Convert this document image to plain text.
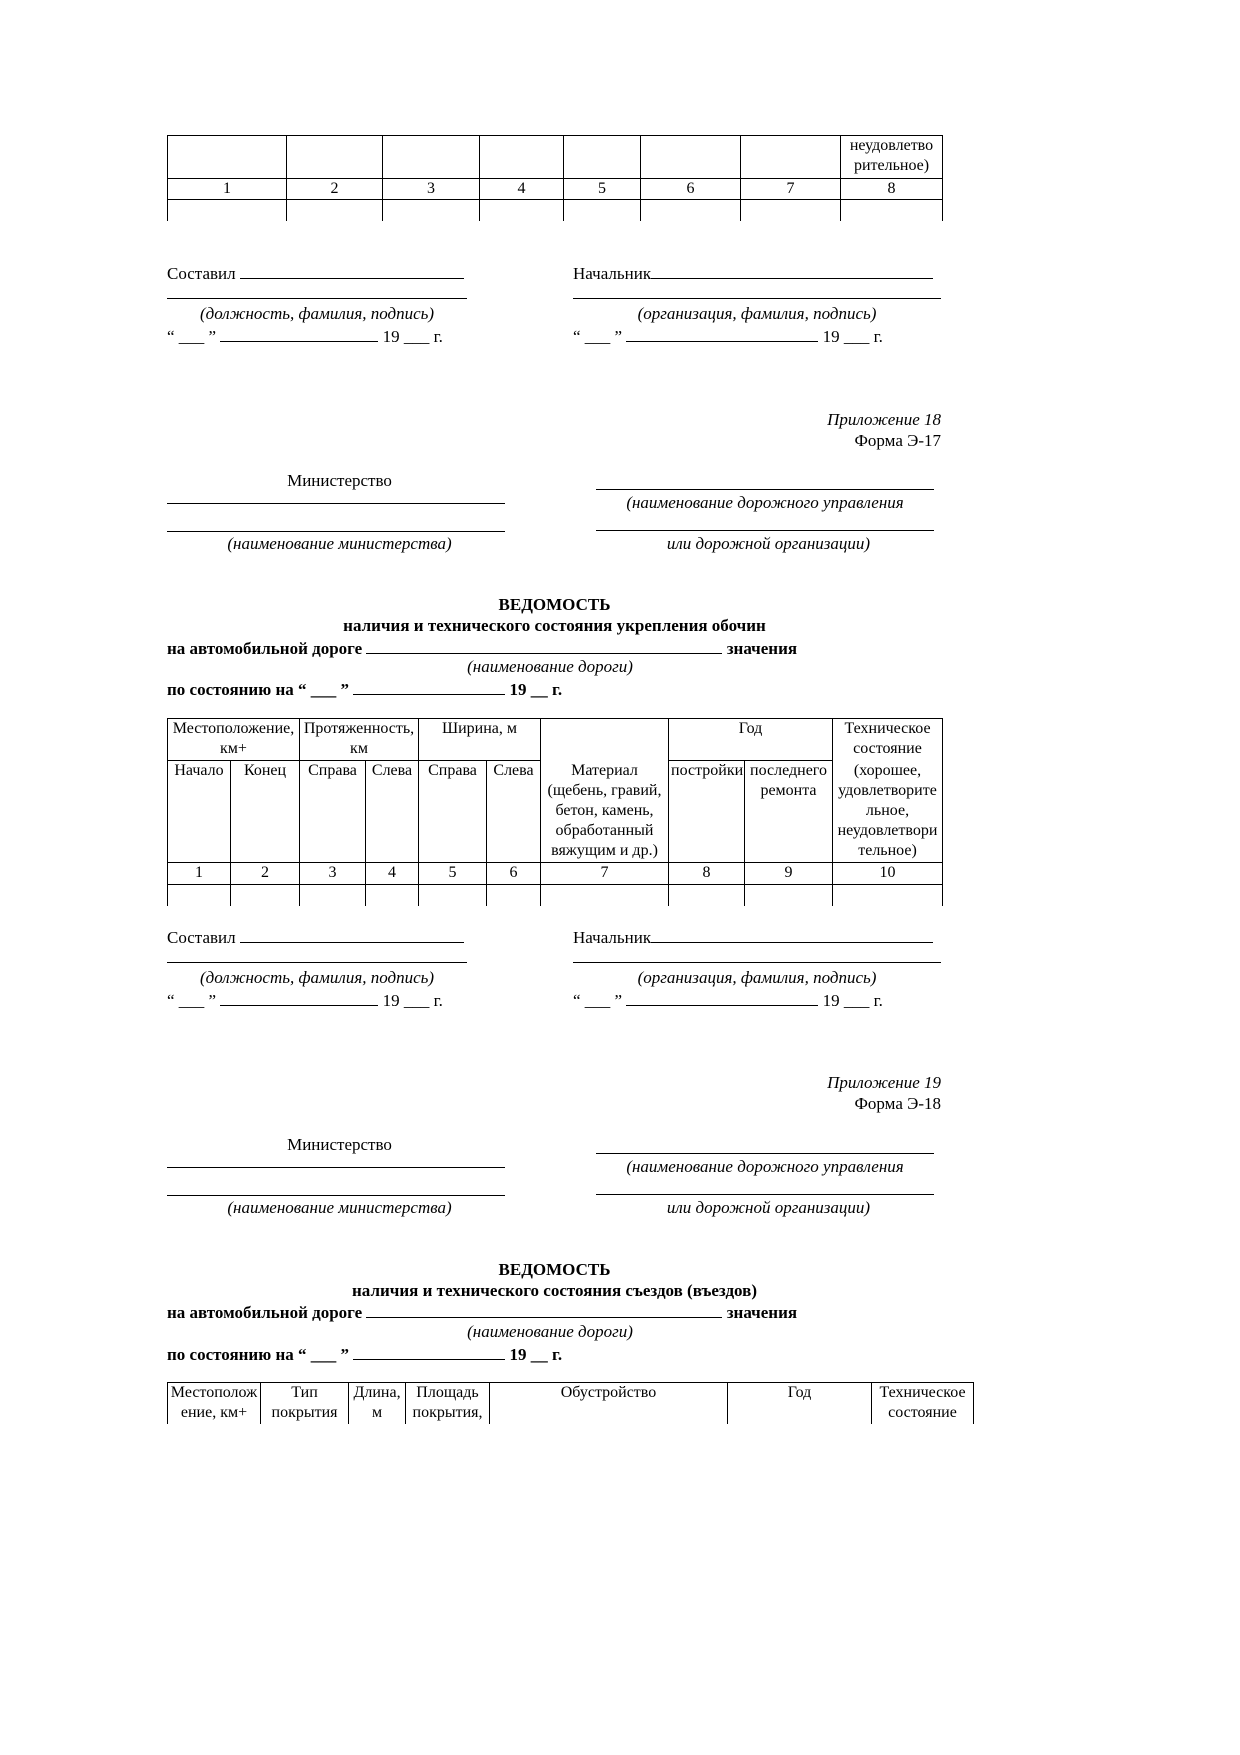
							неудовлетво рительное)
1	2	3	4	5	6	7	8

Составил
(должность, фамилия, подпись)
“ ___ ”	19 ___ г.
Начальник
(организация, фамилия, подпись)
“ ___ ”	19 ___ г.
Составил
(должность, фамилия, подпись)
“ ___ ”	19 ___ г.
Начальник
(организация, фамилия, подпись)
“ ___ ”	19 ___ г.
Приложение 18
Форма Э-17
Министерство
(наименование министерства)
(наименование дорожного управления
или дорожной организации)
ВЕДОМОСТЬ
наличия и технического состояния укрепления обочин
на автомобильной дороге	значения
(наименование дороги)
по состоянию на “ ___ ”	19 __ г.
Местоположение, км+		Протяженность, км		Ширина, м		Материал (щебень, гравий, бетон, камень, обработанный вяжущим и др.)	Год		Техническое состояние
Начало	Конец	Справа	Слева	Справа	Слева		постройки	последнего ремонта	(хорошее, удовлетворите льное, неудовлетвори тельное)
1	2	3	4	5	6	7	8	9	10

Приложение 19
Форма Э-18
Министерство
(наименование министерства)
(наименование дорожного управления
или дорожной организации)
ВЕДОМОСТЬ
наличия и технического состояния съездов (въездов)
на автомобильной дороге	значения
(наименование дороги)
по состоянию на “ ___ ”	19 __ г.
Местополож ение, км+	Тип покрытия	Длина, м	Площадь покрытия,	Обустройство	Год	Техническое состояние
